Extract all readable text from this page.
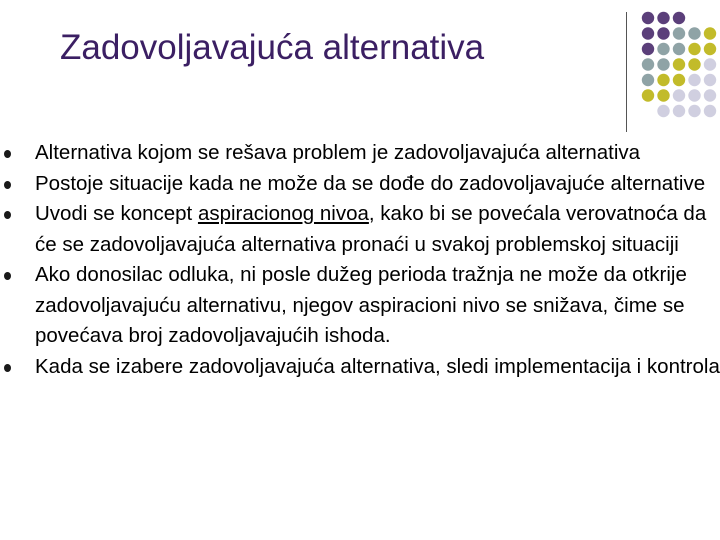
Zadovoljavajuća alternativa
Alternativa kojom se rešava problem je zadovoljavajuća alternativa
Postoje situacije kada ne može da se dođe do zadovoljavajuće alternative
Uvodi se koncept aspiracionog nivoa, kako bi se povećala verovatnoća da će se zadovoljavajuća alternativa pronaći u svakoj problemskoj situaciji
Ako donosilac odluka, ni posle dužeg perioda tražnja ne može da otkrije zadovoljavajuću alternativu, njegov aspiracioni nivo se snižava, čime se povećava broj zadovoljavajućih ishoda.
Kada se izabere zadovoljavajuća alternativa, sledi implementacija i kontrola
